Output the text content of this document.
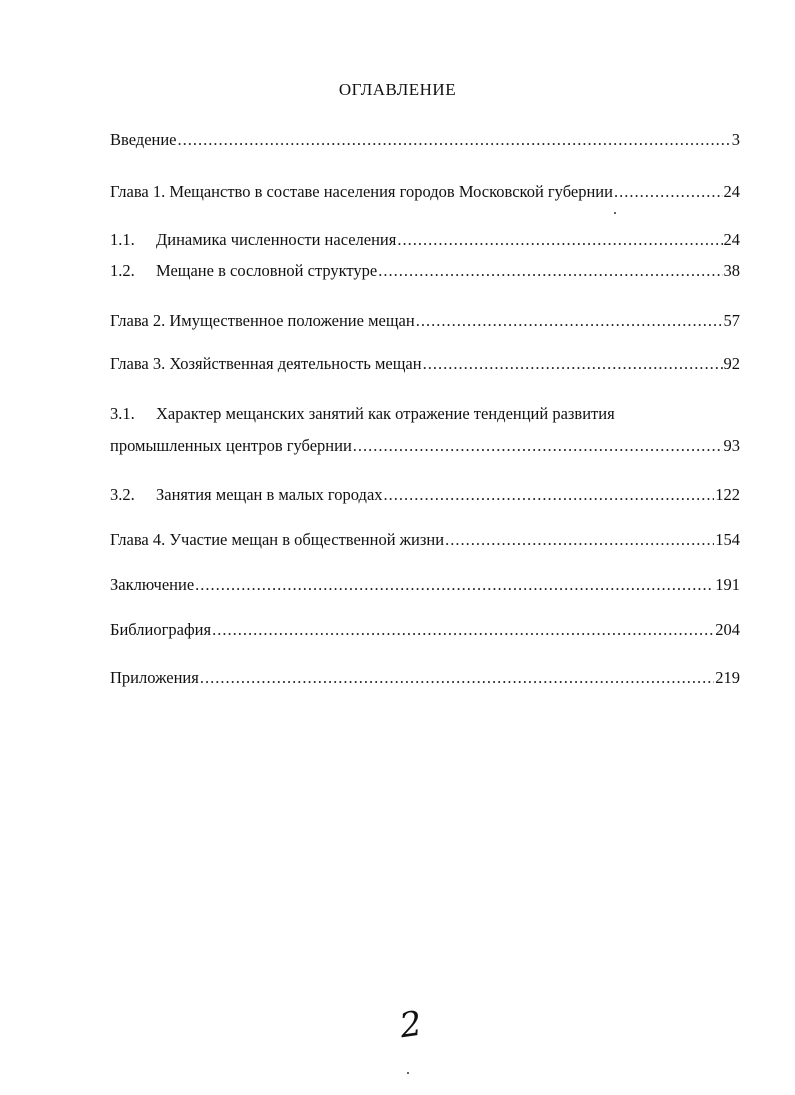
ОГЛАВЛЕНИЕ
Введение .....	3
Глава 1. Мещанство в составе населения городов Московской губернии .....	24
1.1.	Динамика численности населения .....	24
1.2.	Мещане в сословной структуре .....	38
Глава 2. Имущественное положение мещан .....	57
Глава 3. Хозяйственная деятельность мещан .....	92
3.1. Характер мещанских занятий как отражение тенденций развития
промышленных центров губернии .....	93
3.2.	Занятия мещан в малых городах .....	122
Глава 4. Участие мещан в общественной жизни .....	154
Заключение .....	191
Библиография .....	204
Приложения .....	219
2
